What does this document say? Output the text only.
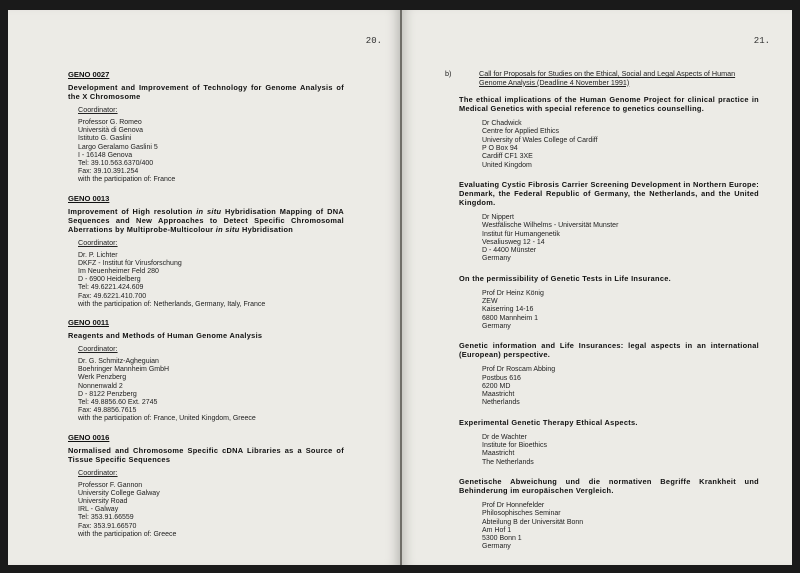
20.
GENO 0027
Development and Improvement of Technology for Genome Analysis of the X Chromosome
Coordinator:
Professor G. Romeo
Università di Genova
Istituto G. Gaslini
Largo Geralamo Gaslini 5
I - 16148 Genova
Tel: 39.10.563.6370/400
Fax: 39.10.391.254
with the participation of: France
GENO 0013
Improvement of High resolution in situ Hybridisation Mapping of DNA Sequences and New Approaches to Detect Specific Chromosomal Aberrations by Multiprobe-Multicolour in situ Hybridisation
Coordinator:
Dr. P. Lichter
DKFZ - Institut für Virusforschung
Im Neuenheimer Feld 280
D - 6900 Heidelberg
Tel: 49.6221.424.609
Fax: 49.6221.410.700
with the participation of: Netherlands, Germany, Italy, France
GENO 0011
Reagents and Methods of Human Genome Analysis
Coordinator:
Dr. G. Schmitz-Agheguian
Boehringer Mannheim GmbH
Werk Penzberg
Nonnenwald 2
D - 8122 Penzberg
Tel: 49.8856.60 Ext. 2745
Fax: 49.8856.7615
with the participation of: France, United Kingdom, Greece
GENO 0016
Normalised and Chromosome Specific cDNA Libraries as a Source of Tissue Specific Sequences
Coordinator:
Professor F. Gannon
University College Galway
University Road
IRL - Galway
Tel: 353.91.66559
Fax: 353.91.66570
with the participation of: Greece
21.
b)	Call for Proposals for Studies on the Ethical, Social and Legal Aspects of Human Genome Analysis (Deadline 4 November 1991)
The ethical implications of the Human Genome Project for clinical practice in Medical Genetics with special reference to genetics counselling.
Dr Chadwick
Centre for Applied Ethics
University of Wales College of Cardiff
P O Box 94
Cardiff CF1 3XE
United Kingdom
Evaluating Cystic Fibrosis Carrier Screening Development in Northern Europe: Denmark, the Federal Republic of Germany, the Netherlands, and the United Kingdom.
Dr Nippert
Westfälische Wilhelms - Universität Munster
Institut für Humangenetik
Vesaliusweg 12 - 14
D - 4400 Münster
Germany
On the permissibility of Genetic Tests in Life Insurance.
Prof Dr Heinz König
ZEW
Kaiserring 14-16
6800 Mannheim 1
Germany
Genetic information and Life Insurances: legal aspects in an international (European) perspective.
Prof Dr Roscam Abbing
Postbus 616
6200 MD
Maastricht
Netherlands
Experimental Genetic Therapy Ethical Aspects.
Dr de Wachter
Institute for Bioethics
Maastricht
The Netherlands
Genetische Abweichung und die normativen Begriffe Krankheit und Behinderung im europäischen Vergleich.
Prof Dr Honnefelder
Philosophisches Seminar
Abteilung B der Universität Bonn
Am Hof 1
5300 Bonn 1
Germany
